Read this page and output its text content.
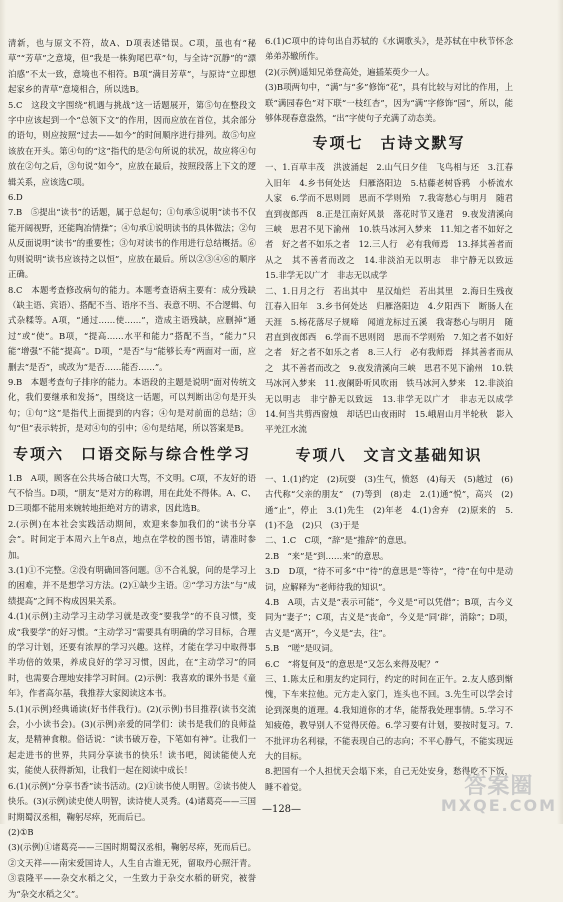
清新，也与原文不符，故A、D项表述错误。C项，虽也有“秘草”“芳草”之意境，但“我是一株狗尾巴草”句，与全诗“沉静”的“漂泊感”不太一致，意境也不相符。B项“满目芳草”，与原诗“立即想起家乡的青草”意境相合，所以选B。

5.C　这段文字围绕“机遇与挑战”这一话题展开，第⑤句在整段文字中应该起到一个“总领下文”的作用，因而应放在首位，其余部分的语句，则应按照“过去——如今”的时间顺序进行排列。故⑤句应该放在开头。第④句的“这”指代的是②句所说的状况，故应将④句放在②句之后，③句说“如今”，应放在最后，按照段落上下文的逻辑关系，应该选C项。

6.D

7.B　⑤提出“读书”的话题，属于总起句；①句承⑤说明“读书不仅能开阔视野，还能陶冶情操”；④句承①说明读书的具体做法；②句从反面说明“读书”的重要性；③句对读书的作用进行总结概括。⑥句则说明“读书应该持之以恒”，应放在最后。所以②③④⑥的顺序正确。

8.C　本题考查修改病句的能力。本题考查语病主要有：成分残缺（缺主语、宾语）、搭配不当、语序不当、表意不明、不合逻辑、句式杂糅等。A项，“通过……使……”，造成主语残缺，应删掉“通过”或“使”。B项，“提高……水平和能力”搭配不当，“能力”只能“增强”不能“提高”。D项，“是否”与“能够长寿”两面对一面，应删去“是否”，或改为“是否……能否……”。

9.B　本题考查句子排序的能力。本语段的主题是说明“面对传统文化，我们要继承和发扬”，围绕这一话题，可以判断出②句是开头句；①句“这”是指代上面提到的内容；④句是对前面的总结；③句“但”表示转折，是对④句的引申；⑥句是结尾，所以答案是B。

专项六　口语交际与综合性学习

1.B　A项，顾客在公共场合破口大骂，不文明。C项，不友好的语气不恰当。D项，“朋友”是对方的称谓，用在此处不得体。A、C、D三项都不能用来婉转地拒绝对方的请求，因此选B。

2.(示例)在本社会实践活动期间，欢迎来参加我们的“读书分享会”。时间定于本周六上午8点，地点在学校的图书馆，请准时参加。

3.(1)①不完整。②没有明确回答问题。③不合礼貌，问的是学习上的困难，并不是想学习方法。(2)①缺少主语。②“学习方法”与“成绩提高”之间不构成因果关系。

4.(1)(示例)主动学习主动学习就是改变“要我学”的不良习惯，变成“我要学”的好习惯。“主动学习”需要具有明确的学习目标，合理的学习计划，还要有浓厚的学习兴趣。这样，才能在学习中取得事半功倍的效果，养成良好的学习习惯，因此，在“主动学习”的同时，也需要合理地安排学习时间。(2)示例：我喜欢的课外书是《童年》，作者高尔基，我推荐大家阅读这本书。

5.(1)(示例)经典诵读(好书伴我行)。(2)(示例)书目推荐(读书交流会，小小读书会)。(3)(示例)亲爱的同学们：读书是我们的良师益友，是精神食粮。俗话说：“读书破万卷，下笔如有神”。让我们一起走进书的世界，共同分享读书的快乐！读书吧，阅读能使人充实，能使人获得新知，让我们一起在阅读中成长！

6.(1)(示例)“分享书香”读书活动。(2)①读书使人明智。②读书使人快乐。(3)(示例)读史使人明智，读诗使人灵秀。(4)诸葛亮——三国时期蜀汉丞相，鞠躬尽瘁，死而后已。

(2)①B

(3)(示例)①诸葛亮——三国时期蜀汉丞相，鞠躬尽瘁，死而后已。②文天祥——南宋爱国诗人，人生自古谁无死，留取丹心照汗青。③袁隆平——杂交水稻之父，一生致力于杂交水稻的研究，被誉为“杂交水稻之父”。

6.(1)C项中的诗句出自苏轼的《水调歌头》，是苏轼在中秋节怀念弟弟苏辙所作。

(2)(示例)遥知兄弟登高处，遍插茱萸少一人。

(3)B项两句中，“满”与“多”修饰“花”，具有比较与对比的作用，上联“满园春色”对下联“一枝红杏”，因为“满”字修饰“园”，所以，能够体现春意盎然，“出”字使句子充满了动态美。

专项七　古诗文默写

一、1.百草丰茂　洪波涌起　2.山气日夕佳　飞鸟相与还　3.江春入旧年　4.乡书何处达　归雁洛阳边　5.枯藤老树昏鸦　小桥流水人家　6.学而不思则罔　思而不学则殆　7.我寄愁心与明月　随君直到夜郎西　8.正是江南好风景　落花时节又逢君　9.夜发清溪向三峡　思君不见下渝州　10.铁马冰河入梦来　11.知之者不如好之者　好之者不如乐之者　12.三人行　必有我师焉　13.择其善者而从之　其不善者而改之　14.非淡泊无以明志　非宁静无以致远　15.非学无以广才　非志无以成学

二、1.日月之行　若出其中　星汉灿烂　若出其里　2.海日生残夜　江春入旧年　3.乡书何处达　归雁洛阳边　4.夕阳西下　断肠人在天涯　5.杨花落尽子规啼　闻道龙标过五溪　我寄愁心与明月　随君直到夜郎西　6.学而不思则罔　思而不学则殆　7.知之者不如好之者　好之者不如乐之者　8.三人行　必有我师焉　择其善者而从之　其不善者而改之　9.夜发清溪向三峡　思君不见下渝州　10.铁马冰河入梦来　11.夜阑卧听风吹雨　铁马冰河入梦来　12.非淡泊无以明志　非宁静无以致远　13.非学无以广才　非志无以成学　14.何当共剪西窗烛　却话巴山夜雨时　15.峨眉山月半轮秋　影入平羌江水流

专项八　文言文基础知识

一、1.(1)约定　(2)玩耍　(3)生气，愤怒　(4)每天　(5)越过　(6)古代称“父亲的朋友”　(7)等到　(8)走　2.(1)通“悦”，高兴　(2)通“止”，停止　3.(1)先生　(2)年老　4.(1)舍弃　(2)原来的　5.(1)不急　(2)只　(3)于是

二、1.C　C项，“辞”是“推辞”的意思。

2.B　“来”是“到……来”的意思。

3.D　D项，“待不可多”中“待”的意思是“等待”，“待”在句中是动词，应解释为“老师待我的知识”。

4.B　A项，古义是“表示可能”，今义是“可以凭借”；B项，古今义同为“妻子”；C项，古义是“丧命”，今义是“同‘辟’，消除”；D项，古义是“离开”，今义是“去，往”。

5.B　“嗟”是叹词。

6.C　“将复何及”的意思是“又怎么来得及呢？”

三、1.陈太丘和朋友约定同行，约定的时间在正午。2.友人感到惭愧，下车来拉他。元方走入家门，连头也不回。3.先生可以学会讨论到深奥的道理。4.我知道你的才华，能帮我处理事情。5.学习不知疲倦，教导别人不觉得厌倦。6.学习要有计划，要按时复习。7.不批评功名利禄，不能表现自己的志向；不平心静气，不能实现远大的目标。

8.把国有一个人担忧天会塌下来，自己无处安身，愁得吃不下饭，睡不着觉。

—128—
答案圈
MXQE.COM
